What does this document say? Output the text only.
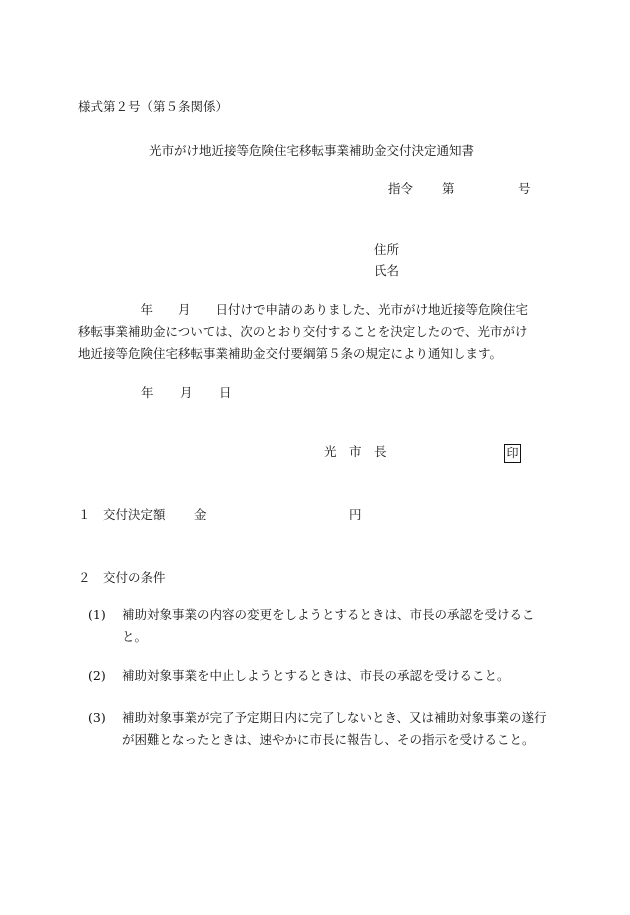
様式第２号（第５条関係）
光市がけ地近接等危険住宅移転事業補助金交付決定通知書
指令 第	号
住所
氏名
　　　　　年　　月　　日付けで申請のありました、光市がけ地近接等危険住宅
移転事業補助金については、次のとおり交付することを決定したので、光市がけ
地近接等危険住宅移転事業補助金交付要綱第５条の規定により通知します。
年 月 日
光　市　長	印
１ 交付決定額 金	円
２ 交付の条件
(1)	補助対象事業の内容の変更をしようとするときは、市長の承認を受けること。
(2)	補助対象事業を中止しようとするときは、市長の承認を受けること。
(3)	補助対象事業が完了予定期日内に完了しないとき、又は補助対象事業の遂行が困難となったときは、速やかに市長に報告し、その指示を受けること。
